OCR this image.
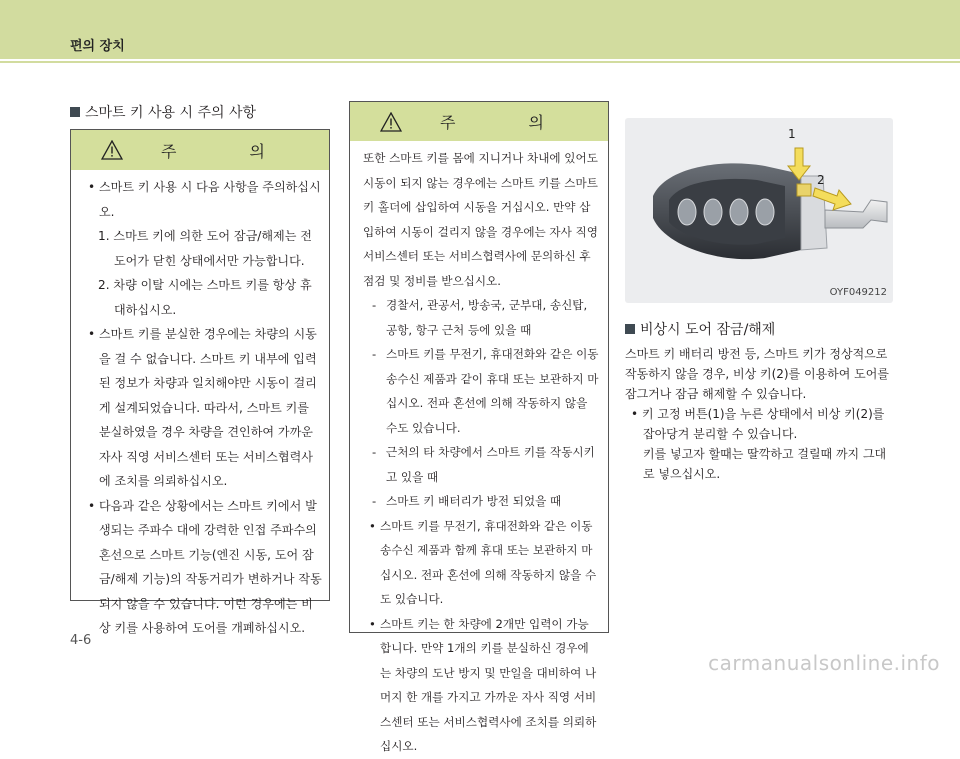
편의 장치
스마트 키 사용 시 주의 사항
주 의

• 스마트 키 사용 시 다음 사항을 주의하십시오.

1. 스마트 키에 의한 도어 잠금/해제는 전 도어가 닫힌 상태에서만 가능합니다.

2. 차량 이탈 시에는 스마트 키를 항상 휴대하십시오.

• 스마트 키를 분실한 경우에는 차량의 시동을 걸 수 없습니다. 스마트 키 내부에 입력된 정보가 차량과 일치해야만 시동이 걸리게 설계되었습니다. 따라서, 스마트 키를 분실하였을 경우 차량을 견인하여 가까운 자사 직영 서비스센터 또는 서비스협력사에 조치를 의뢰하십시오.

• 다음과 같은 상황에서는 스마트 키에서 발생되는 주파수 대에 강력한 인접 주파수의 혼선으로 스마트 기능(엔진 시동, 도어 잠금/해제 기능)의 작동거리가 변하거나 작동되지 않을 수 있습니다. 이런 경우에는 비상 키를 사용하여 도어를 개폐하십시오.

주 의

또한 스마트 키를 몸에 지니거나 차내에 있어도 시동이 되지 않는 경우에는 스마트 키를 스마트 키 홀더에 삽입하여 시동을 거십시오. 만약 삽입하여 시동이 걸리지 않을 경우에는 자사 직영 서비스센터 또는 서비스협력사에 문의하신 후 점검 및 정비를 받으십시오.

- 경찰서, 관공서, 방송국, 군부대, 송신탑, 공항, 항구 근처 등에 있을 때

- 스마트 키를 무전기, 휴대전화와 같은 이동송수신 제품과 같이 휴대 또는 보관하지 마십시오. 전파 혼선에 의해 작동하지 않을 수도 있습니다.

- 근처의 타 차량에서 스마트 키를 작동시키고 있을 때

- 스마트 키 배터리가 방전 되었을 때

• 스마트 키를 무전기, 휴대전화와 같은 이동송수신 제품과 함께 휴대 또는 보관하지 마십시오. 전파 혼선에 의해 작동하지 않을 수도 있습니다.

• 스마트 키는 한 차량에 2개만 입력이 가능합니다. 만약 1개의 키를 분실하신 경우에는 차량의 도난 방지 및 만일을 대비하여 나머지 한 개를 가지고 가까운 자사 직영 서비스센터 또는 서비스협력사에 조치를 의뢰하십시오.

1
2
OYF049212
비상시 도어 잠금/해제

스마트 키 배터리 방전 등, 스마트 키가 정상적으로 작동하지 않을 경우, 비상 키(2)를 이용하여 도어를 잠그거나 잠금 해제할 수 있습니다.

• 키 고정 버튼(1)을 누른 상태에서 비상 키(2)를 잡아당겨 분리할 수 있습니다.
키를 넣고자 할때는 딸깍하고 걸릴때 까지 그대로 넣으십시오.

4-6
carmanualsonline.info
